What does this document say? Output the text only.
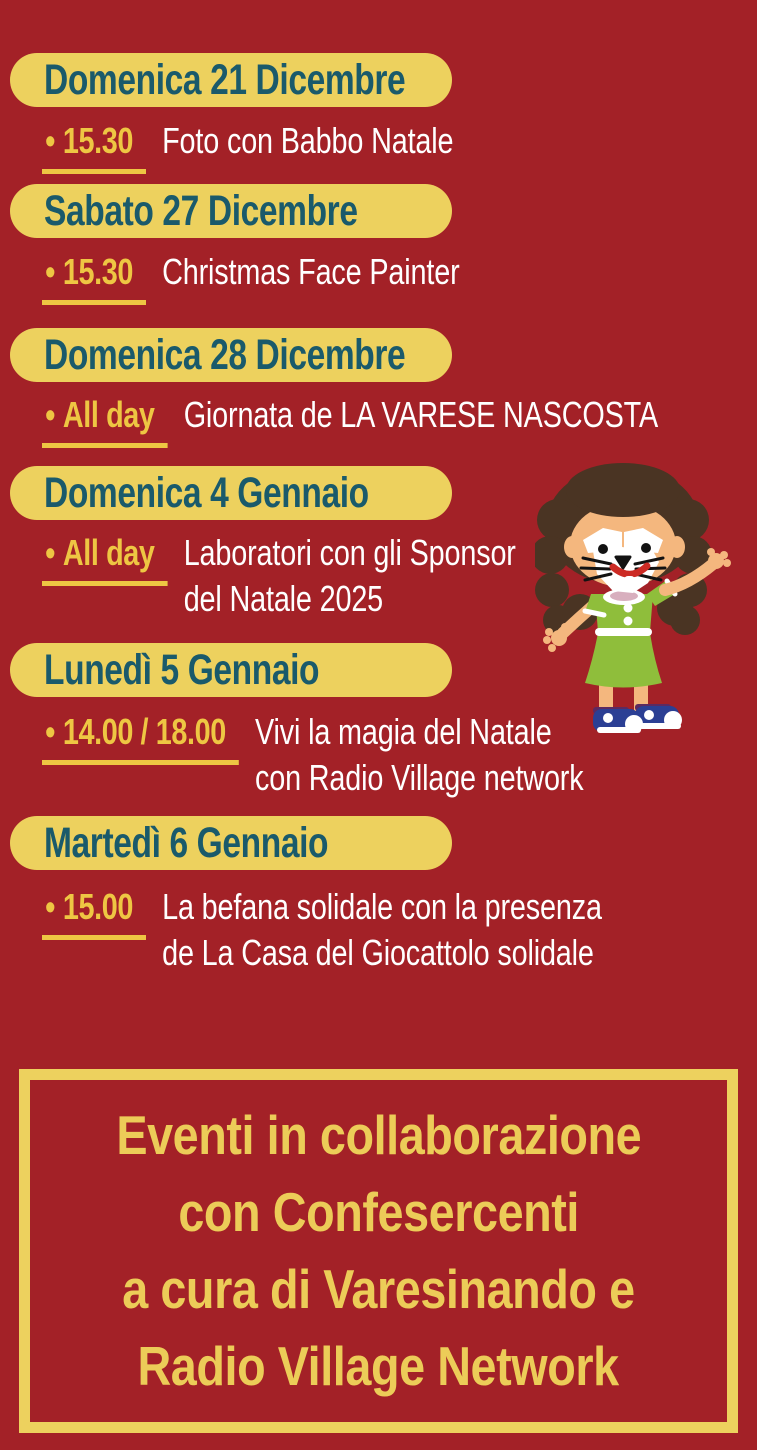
Domenica 21 Dicembre
• 15.30 Foto con Babbo Natale
Sabato 27 Dicembre
• 15.30 Christmas Face Painter
Domenica 28 Dicembre
• All day Giornata de LA VARESE NASCOSTA
Domenica 4 Gennaio
• All day Laboratori con gli Sponsor
del Natale 2025
Lunedì 5 Gennaio
• 14.00 / 18.00 Vivi la magia del Natale
con Radio Village network
Martedì 6 Gennaio
• 15.00 La befana solidale con la presenza
de La Casa del Giocattolo solidale
Eventi in collaborazione
con Confesercenti
a cura di Varesinando e
Radio Village Network
